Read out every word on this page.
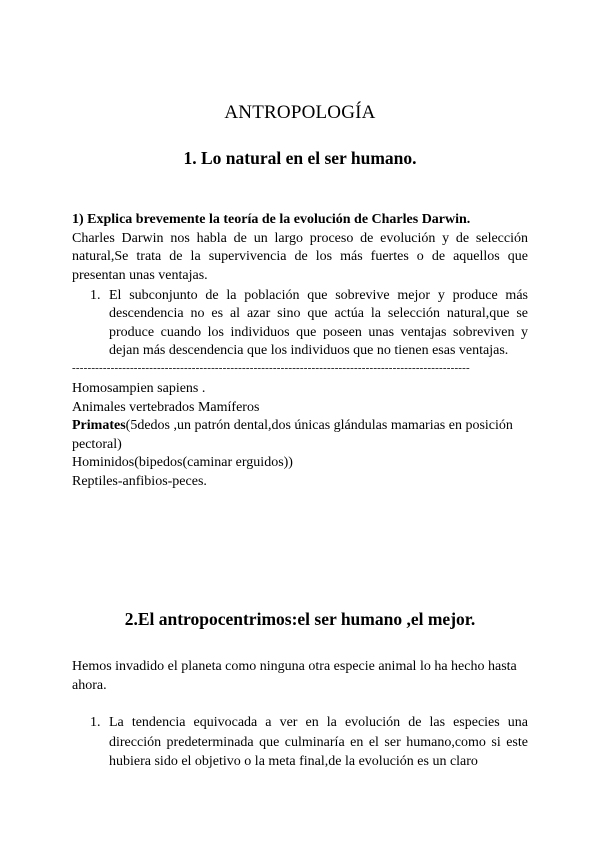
ANTROPOLOGÍA
1. Lo natural en el ser humano.
1) Explica brevemente la teoría de la evolución de Charles Darwin.
Charles Darwin nos habla de un largo proceso de evolución y de selección natural,Se trata de la supervivencia de los más fuertes o de aquellos que presentan unas ventajas.
1. El subconjunto de la población que sobrevive mejor y produce más descendencia no es al azar sino que actúa la selección natural,que se produce cuando los individuos que poseen unas ventajas sobreviven y dejan más descendencia que los individuos que no tienen esas ventajas.
-------------------------------------------------------------------------------------------------------
Homosampien sapiens .
Animales vertebrados Mamíferos
Primates(5dedos ,un patrón dental,dos únicas glándulas mamarias en posición pectoral)
Hominidos(bipedos(caminar erguidos))
Reptiles-anfibios-peces.
2.El antropocentrimos:el ser humano ,el mejor.
Hemos invadido el planeta como ninguna otra especie animal lo ha hecho hasta ahora.
1. La tendencia equivocada a ver en la evolución de las especies una dirección predeterminada que culminaría en el ser humano,como si este hubiera sido el objetivo o la meta final,de la evolución es un claro
